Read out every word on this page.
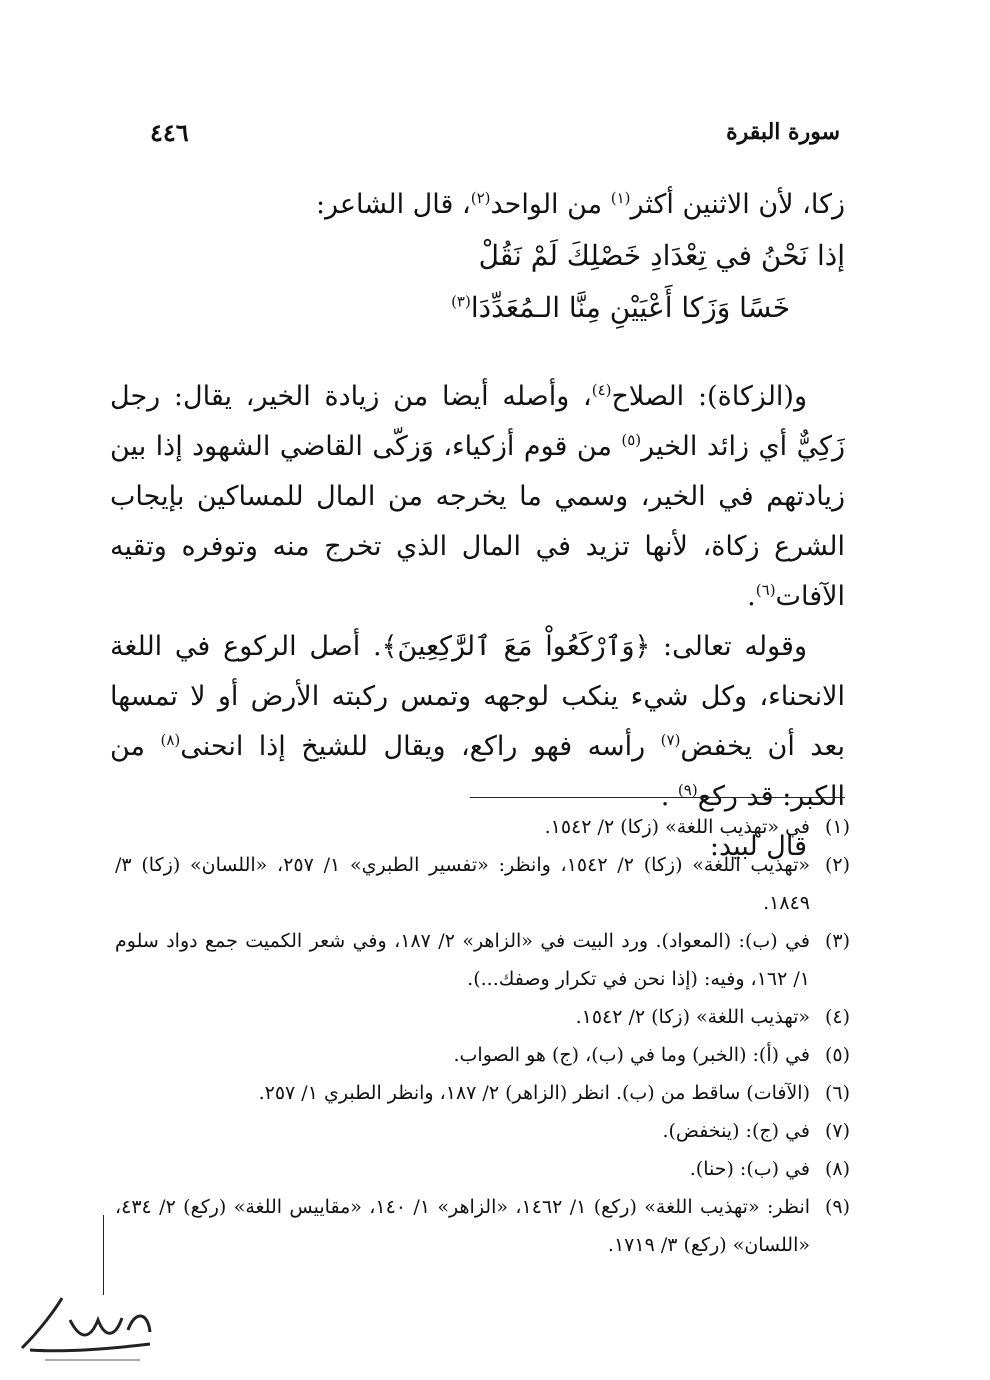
سورة البقرة
٤٤٦

زكا، لأن الاثنين أكثر$^{(١)}$ من الواحد$^{(٢)}$، قال الشاعر:

إذا نَحْنُ في تِعْدَادِ خَصْلِكَ لَمْ نَقُلْ

خَسًا وَزَكا أَعْيَيْنِ مِنَّا الـمُعَدِّدَا$^{(٣)}$

و(الزكاة): الصلاح$^{(٤)}$، وأصله أيضا من زيادة الخير، يقال: رجل زَكِيٌّ أي زائد الخير$^{(٥)}$ من قوم أزكياء، وَزكّى القاضي الشهود إذا بين زيادتهم في الخير، وسمي ما يخرجه من المال للمساكين بإيجاب الشرع زكاة، لأنها تزيد في المال الذي تخرج منه وتوفره وتقيه الآفات$^{(٦)}$.

وقوله تعالى: ﴿وَٱرْكَعُواْ مَعَ ٱلرَّٰكِعِينَ﴾. أصل الركوع في اللغة الانحناء، وكل شيء ينكب لوجهه وتمس ركبته الأرض أو لا تمسها بعد أن يخفض$^{(٧)}$ رأسه فهو راكع، ويقال للشيخ إذا انحنى$^{(٨)}$ من الكبر: قد ركع$^{(٩)}$ .

قال لبيد:

(١)
في «تهذيب اللغة» (زكا) ٢/ ١٥٤٢.
(٢)
«تهذيب اللغة» (زكا) ٢/ ١٥٤٢، وانظر: «تفسير الطبري» ١/ ٢٥٧، «اللسان» (زكا) ٣/ ١٨٤٩.
(٣)
في (ب): (المعواد). ورد البيت في «الزاهر» ٢/ ١٨٧، وفي شعر الكميت جمع دواد سلوم ١/ ١٦٢، وفيه: (إذا نحن في تكرار وصفك...).
(٤)
«تهذيب اللغة» (زكا) ٢/ ١٥٤٢.
(٥)
في (أ): (الخبر) وما في (ب)، (ج) هو الصواب.
(٦)
(الآفات) ساقط من (ب). انظر (الزاهر) ٢/ ١٨٧، وانظر الطبري ١/ ٢٥٧.
(٧)
في (ج): (ينخفض).
(٨)
في (ب): (حنا).
(٩)
انظر: «تهذيب اللغة» (ركع) ١/ ١٤٦٢، «الزاهر» ١/ ١٤٠، «مقاييس اللغة» (ركع) ٢/ ٤٣٤، «اللسان» (ركع) ٣/ ١٧١٩.
